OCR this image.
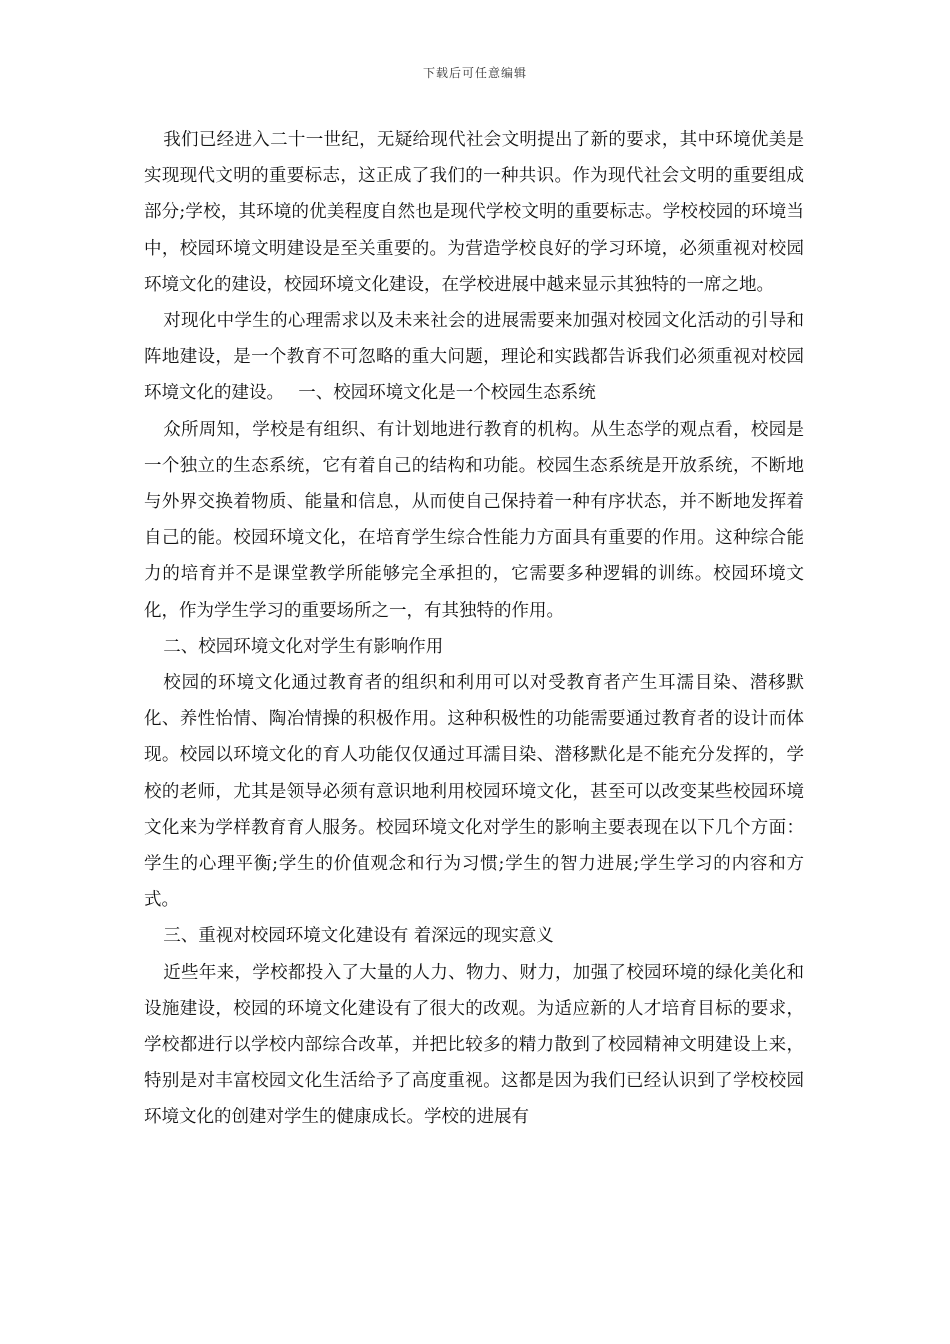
下载后可任意编辑

我们已经进入二十一世纪，无疑给现代社会文明提出了新的要求，其中环境优美是实现现代文明的重要标志，这正成了我们的一种共识。作为现代社会文明的重要组成部分;学校，其环境的优美程度自然也是现代学校文明的重要标志。学校校园的环境当中，校园环境文明建设是至关重要的。为营造学校良好的学习环境，必须重视对校园环境文化的建设，校园环境文化建设，在学校进展中越来显示其独特的一席之地。

对现化中学生的心理需求以及未来社会的进展需要来加强对校园文化活动的引导和阵地建设，是一个教育不可忽略的重大问题，理论和实践都告诉我们必须重视对校园环境文化的建设。　 一、校园环境文化是一个校园生态系统

众所周知，学校是有组织、有计划地进行教育的机构。从生态学的观点看，校园是一个独立的生态系统，它有着自己的结构和功能。校园生态系统是开放系统，不断地与外界交换着物质、能量和信息，从而使自己保持着一种有序状态，并不断地发挥着自己的能。校园环境文化，在培育学生综合性能力方面具有重要的作用。这种综合能力的培育并不是课堂教学所能够完全承担的，它需要多种逻辑的训练。校园环境文化，作为学生学习的重要场所之一，有其独特的作用。

二、校园环境文化对学生有影响作用

校园的环境文化通过教育者的组织和利用可以对受教育者产生耳濡目染、潜移默化、养性怡情、陶冶情操的积极作用。这种积极性的功能需要通过教育者的设计而体现。校园以环境文化的育人功能仅仅通过耳濡目染、潜移默化是不能充分发挥的，学校的老师，尤其是领导必须有意识地利用校园环境文化，甚至可以改变某些校园环境文化来为学样教育育人服务。校园环境文化对学生的影响主要表现在以下几个方面：学生的心理平衡;学生的价值观念和行为习惯;学生的智力进展;学生学习的内容和方式。

三、重视对校园环境文化建设有 着深远的现实意义

近些年来，学校都投入了大量的人力、物力、财力，加强了校园环境的绿化美化和设施建设，校园的环境文化建设有了很大的改观。为适应新的人才培育目标的要求，学校都进行以学校内部综合改革，并把比较多的精力散到了校园精神文明建设上来，特别是对丰富校园文化生活给予了高度重视。这都是因为我们已经认识到了学校校园环境文化的创建对学生的健康成长。学校的进展有
